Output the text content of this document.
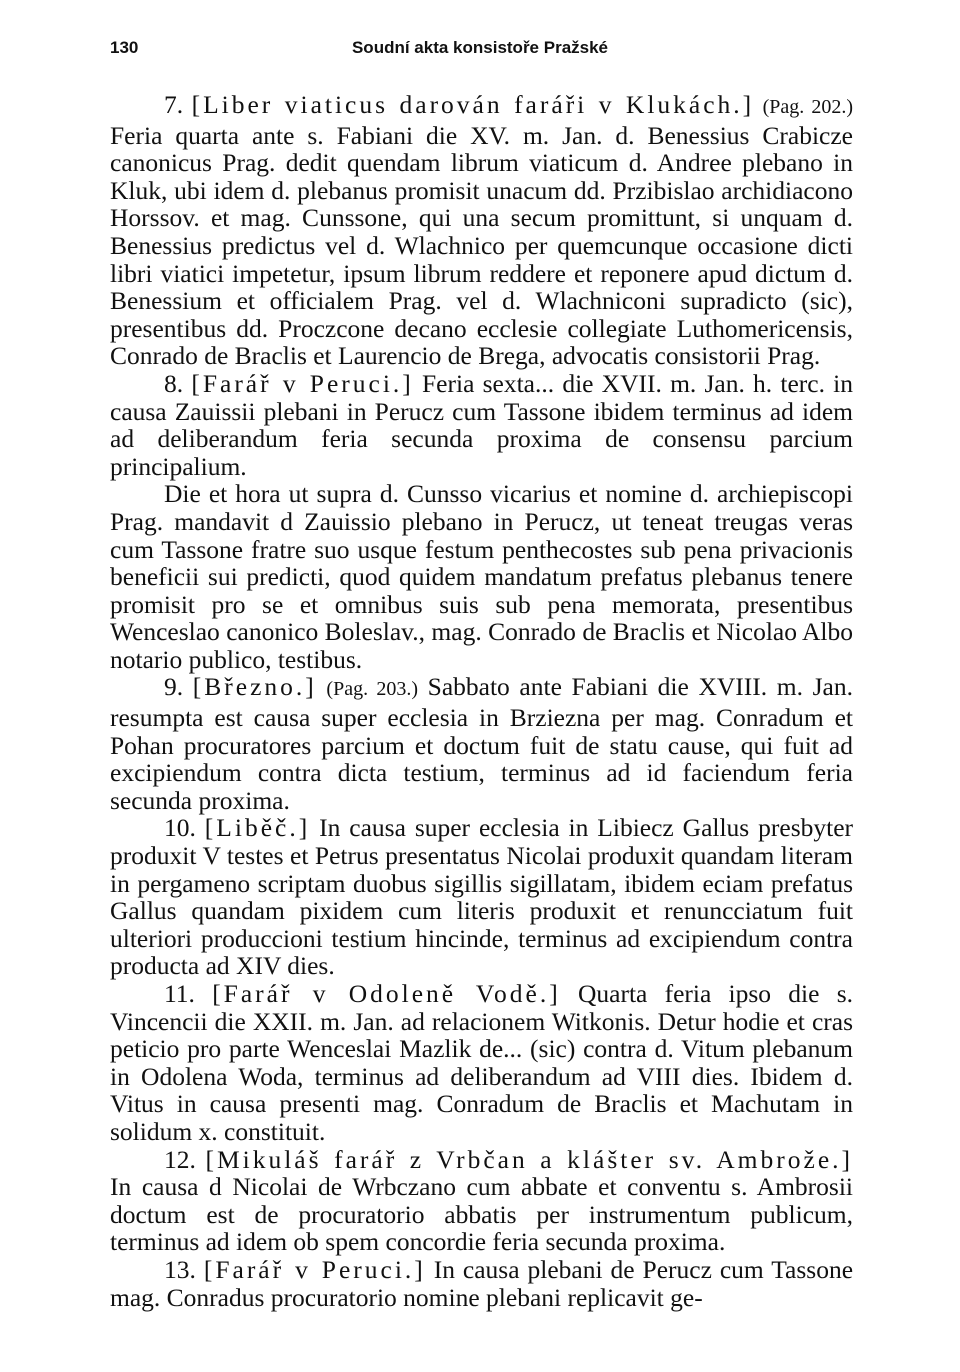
130	Soudní akta konsistoře Pražské

7. [Liber viaticus darován faráři v Klukách.] (Pag. 202.) Feria quarta ante s. Fabiani die XV. m. Jan. d. Benessius Crabicze canonicus Prag. dedit quendam librum viaticum d. Andree plebano in Kluk, ubi idem d. plebanus promisit unacum dd. Przibislao archidiacono Horssov. et mag. Cunssone, qui una secum promittunt, si unquam d. Benessius predictus vel d. Wlachnico per quemcunque occasione dicti libri viatici impetetur, ipsum librum reddere et reponere apud dictum d. Benessium et officialem Prag. vel d. Wlachniconi supradicto (sic), presentibus dd. Proczcone decano ecclesie collegiate Luthomericensis, Conrado de Braclis et Laurencio de Brega, advocatis consistorii Prag.

8. [Farář v Peruci.] Feria sexta... die XVII. m. Jan. h. terc. in causa Zauissii plebani in Perucz cum Tassone ibidem terminus ad idem ad deliberandum feria secunda proxima de consensu parcium principalium.

Die et hora ut supra d. Cunsso vicarius et nomine d. archiepiscopi Prag. mandavit d Zauissio plebano in Perucz, ut teneat treugas veras cum Tassone fratre suo usque festum penthecostes sub pena privacionis beneficii sui predicti, quod quidem mandatum prefatus plebanus tenere promisit pro se et omnibus suis sub pena memorata, presentibus Wenceslao canonico Boleslav., mag. Conrado de Braclis et Nicolao Albo notario publico, testibus.

9. [Březno.] (Pag. 203.) Sabbato ante Fabiani die XVIII. m. Jan. resumpta est causa super ecclesia in Brziezna per mag. Conradum et Pohan procuratores parcium et doctum fuit de statu cause, qui fuit ad excipiendum contra dicta testium, terminus ad id faciendum feria secunda proxima.

10. [Liběč.] In causa super ecclesia in Libiecz Gallus presbyter produxit V testes et Petrus presentatus Nicolai produxit quandam literam in pergameno scriptam duobus sigillis sigillatam, ibidem eciam prefatus Gallus quandam pixidem cum literis produxit et renuncciatum fuit ulteriori produccioni testium hincinde, terminus ad excipiendum contra producta ad XIV dies.

11. [Farář v Odoleně Vodě.] Quarta feria ipso die s. Vincencii die XXII. m. Jan. ad relacionem Witkonis. Detur hodie et cras peticio pro parte Wenceslai Mazlik de... (sic) contra d. Vitum plebanum in Odolena Woda, terminus ad deliberandum ad VIII dies. Ibidem d. Vitus in causa presenti mag. Conradum de Braclis et Machutam in solidum x. constituit.

12. [Mikuláš farář z Vrbčan a klášter sv. Ambrože.] In causa d Nicolai de Wrbczano cum abbate et conventu s. Ambrosii doctum est de procuratorio abbatis per instrumentum publicum, terminus ad idem ob spem concordie feria secunda proxima.

13. [Farář v Peruci.] In causa plebani de Perucz cum Tassone mag. Conradus procuratorio nomine plebani replicavit ge-
